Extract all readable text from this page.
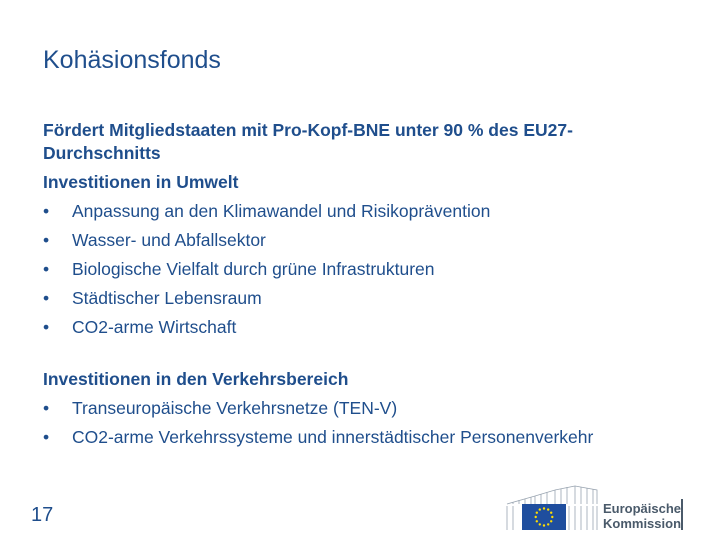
Kohäsionsfonds
Fördert Mitgliedstaaten mit Pro-Kopf-BNE unter 90 % des EU27-Durchschnitts
Investitionen in Umwelt
•	Anpassung an den Klimawandel und Risikoprävention
•	Wasser- und Abfallsektor
•	Biologische Vielfalt durch grüne Infrastrukturen
•	Städtischer Lebensraum
•	CO2-arme Wirtschaft
Investitionen in den Verkehrsbereich
•	Transeuropäische Verkehrsnetze (TEN-V)
•	CO2-arme Verkehrssysteme und innerstädtischer Personenverkehr
17	Europäische
Kommission
